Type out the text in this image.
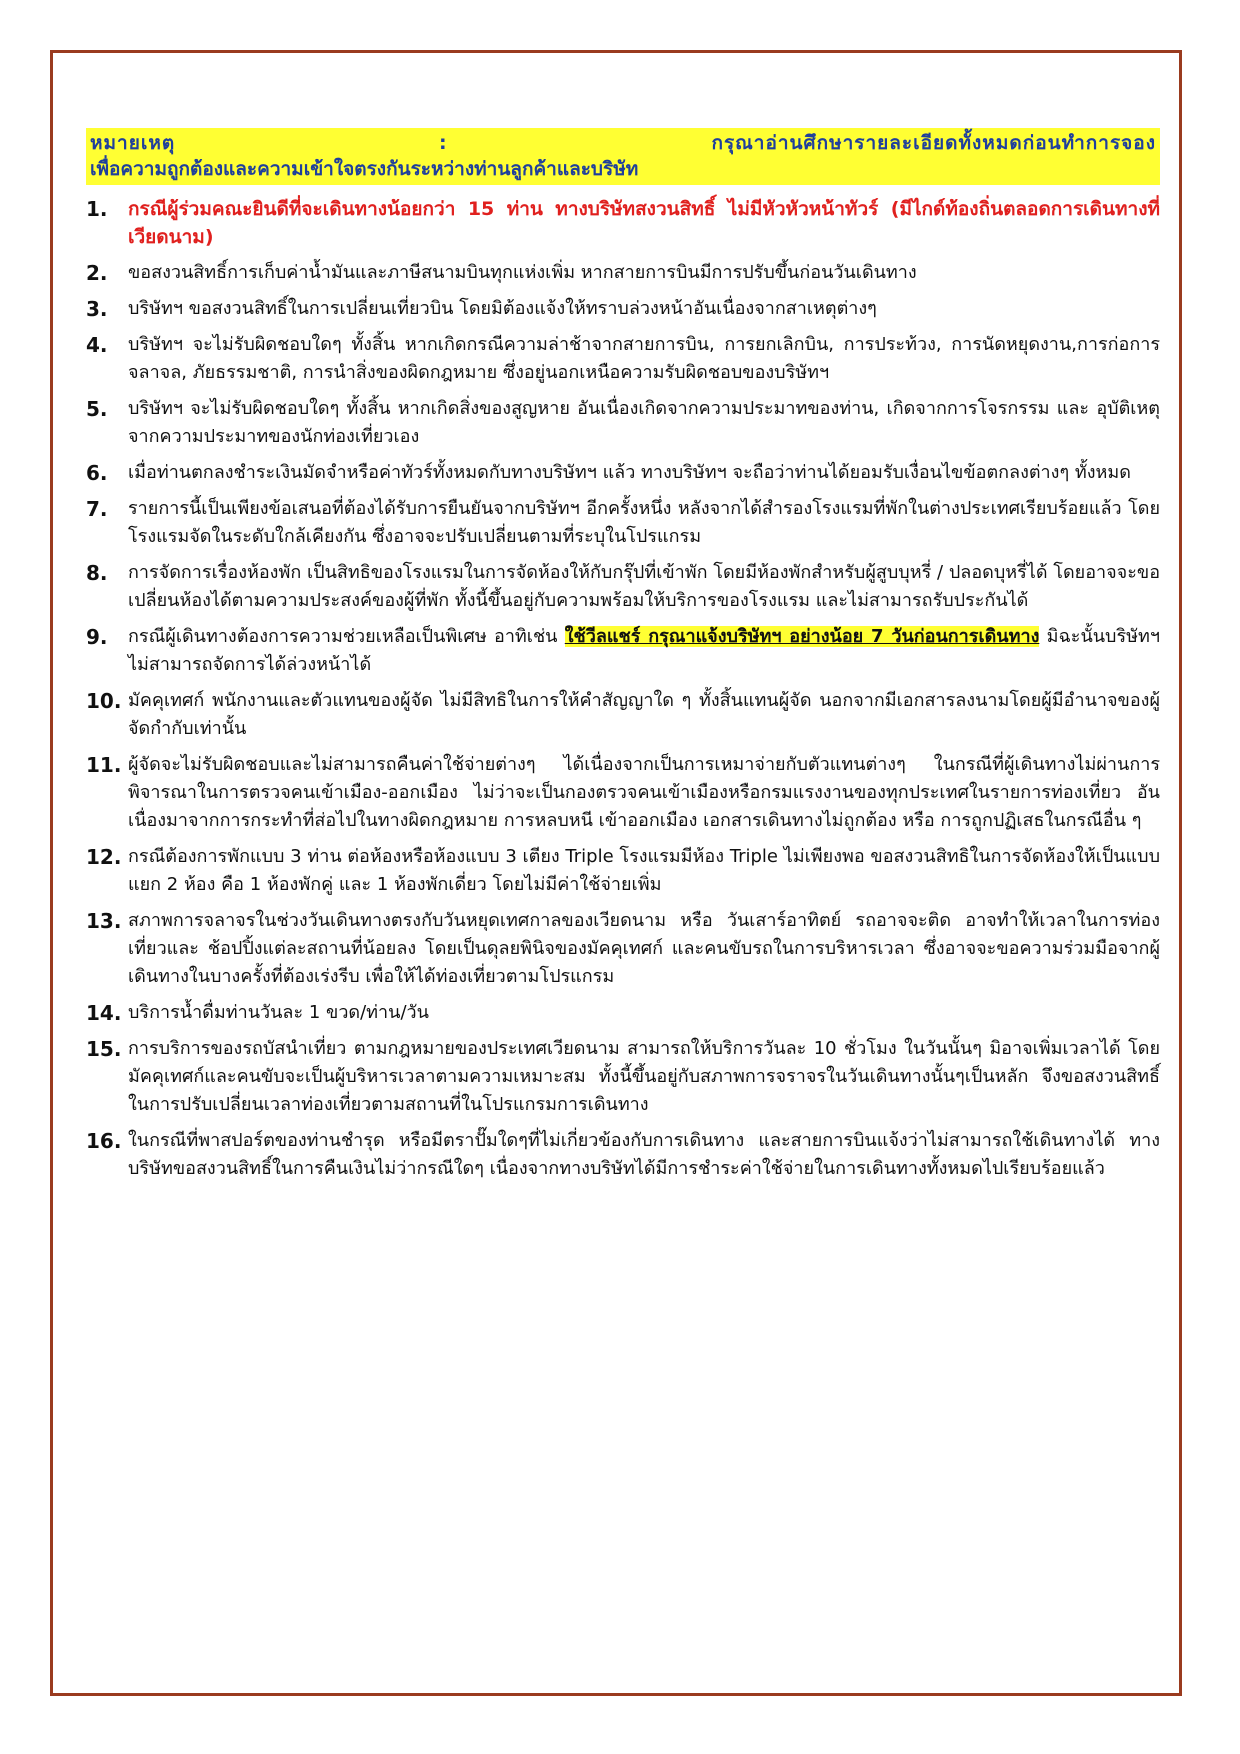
หมายเหตุ : กรุณาอ่านศึกษารายละเอียดทั้งหมดก่อนทำการจอง
เพื่อความถูกต้องและความเข้าใจตรงกันระหว่างท่านลูกค้าและบริษัท
1.	กรณีผู้ร่วมคณะยินดีที่จะเดินทางน้อยกว่า 15 ท่าน ทางบริษัทสงวนสิทธิ์ ไม่มีหัวหัวหน้าทัวร์ (มีไกด์ท้องถิ่นตลอดการเดินทางที่เวียดนาม)
2.	ขอสงวนสิทธิ์การเก็บค่าน้ำมันและภาษีสนามบินทุกแห่งเพิ่ม หากสายการบินมีการปรับขึ้นก่อนวันเดินทาง
3.	บริษัทฯ ขอสงวนสิทธิ์ในการเปลี่ยนเที่ยวบิน โดยมิต้องแจ้งให้ทราบล่วงหน้าอันเนื่องจากสาเหตุต่างๆ
4.	บริษัทฯ จะไม่รับผิดชอบใดๆ ทั้งสิ้น หากเกิดกรณีความล่าช้าจากสายการบิน, การยกเลิกบิน, การประท้วง, การนัดหยุดงาน,การก่อการจลาจล, ภัยธรรมชาติ, การนำสิ่งของผิดกฎหมาย ซึ่งอยู่นอกเหนือความรับผิดชอบของบริษัทฯ
5.	บริษัทฯ จะไม่รับผิดชอบใดๆ ทั้งสิ้น หากเกิดสิ่งของสูญหาย อันเนื่องเกิดจากความประมาทของท่าน, เกิดจากการโจรกรรม และ อุบัติเหตุจากความประมาทของนักท่องเที่ยวเอง
6.	เมื่อท่านตกลงชำระเงินมัดจำหรือค่าทัวร์ทั้งหมดกับทางบริษัทฯ แล้ว ทางบริษัทฯ จะถือว่าท่านได้ยอมรับเงื่อนไขข้อตกลงต่างๆ ทั้งหมด
7.	รายการนี้เป็นเพียงข้อเสนอที่ต้องได้รับการยืนยันจากบริษัทฯ อีกครั้งหนึ่ง หลังจากได้สำรองโรงแรมที่พักในต่างประเทศเรียบร้อยแล้ว โดยโรงแรมจัดในระดับใกล้เคียงกัน ซึ่งอาจจะปรับเปลี่ยนตามที่ระบุในโปรแกรม
8.	การจัดการเรื่องห้องพัก เป็นสิทธิของโรงแรมในการจัดห้องให้กับกรุ๊ปที่เข้าพัก โดยมีห้องพักสำหรับผู้สูบบุหรี่ / ปลอดบุหรี่ได้ โดยอาจจะขอเปลี่ยนห้องได้ตามความประสงค์ของผู้ที่พัก ทั้งนี้ขึ้นอยู่กับความพร้อมให้บริการของโรงแรม และไม่สามารถรับประกันได้
9.	กรณีผู้เดินทางต้องการความช่วยเหลือเป็นพิเศษ อาทิเช่น ใช้วีลแชร์ กรุณาแจ้งบริษัทฯ อย่างน้อย 7 วันก่อนการเดินทาง มิฉะนั้นบริษัทฯไม่สามารถจัดการได้ล่วงหน้าได้
10. มัคคุเทศก์ พนักงานและตัวแทนของผู้จัด ไม่มีสิทธิในการให้คำสัญญาใด ๆ ทั้งสิ้นแทนผู้จัด นอกจากมีเอกสารลงนามโดยผู้มีอำนาจของผู้จัดกำกับเท่านั้น
11. ผู้จัดจะไม่รับผิดชอบและไม่สามารถคืนค่าใช้จ่ายต่างๆ ได้เนื่องจากเป็นการเหมาจ่ายกับตัวแทนต่างๆ ในกรณีที่ผู้เดินทางไม่ผ่านการพิจารณาในการตรวจคนเข้าเมือง-ออกเมือง ไม่ว่าจะเป็นกองตรวจคนเข้าเมืองหรือกรมแรงงานของทุกประเทศในรายการท่องเที่ยว อันเนื่องมาจากการกระทำที่ส่อไปในทางผิดกฎหมาย การหลบหนี เข้าออกเมือง เอกสารเดินทางไม่ถูกต้อง หรือ การถูกปฏิเสธในกรณีอื่น ๆ
12. กรณีต้องการพักแบบ 3 ท่าน ต่อห้องหรือห้องแบบ 3 เตียง Triple โรงแรมมีห้อง Triple ไม่เพียงพอ ขอสงวนสิทธิในการจัดห้องให้เป็นแบบ แยก 2 ห้อง คือ 1 ห้องพักคู่ และ 1 ห้องพักเดี่ยว โดยไม่มีค่าใช้จ่ายเพิ่ม
13. สภาพการจลาจรในช่วงวันเดินทางตรงกับวันหยุดเทศกาลของเวียดนาม หรือ วันเสาร์อาทิตย์ รถอาจจะติด อาจทำให้เวลาในการท่องเที่ยวและ ช้อปปิ้งแต่ละสถานที่น้อยลง โดยเป็นดุลยพินิจของมัคคุเทศก์ และคนขับรถในการบริหารเวลา ซึ่งอาจจะขอความร่วมมือจากผู้เดินทางในบางครั้งที่ต้องเร่งรีบ เพื่อให้ได้ท่องเที่ยวตามโปรแกรม
14. บริการน้ำดื่มท่านวันละ 1 ขวด/ท่าน/วัน
15. การบริการของรถบัสนำเที่ยว ตามกฎหมายของประเทศเวียดนาม สามารถให้บริการวันละ 10 ชั่วโมง ในวันนั้นๆ มิอาจเพิ่มเวลาได้ โดยมัคคุเทศก์และคนขับจะเป็นผู้บริหารเวลาตามความเหมาะสม ทั้งนี้ขึ้นอยู่กับสภาพการจราจรในวันเดินทางนั้นๆเป็นหลัก จึงขอสงวนสิทธิ์ในการปรับเปลี่ยนเวลาท่องเที่ยวตามสถานที่ในโปรแกรมการเดินทาง
16. ในกรณีที่พาสปอร์ตของท่านชำรุด หรือมีตราปั๊มใดๆที่ไม่เกี่ยวข้องกับการเดินทาง และสายการบินแจ้งว่าไม่สามารถใช้เดินทางได้ ทางบริษัทขอสงวนสิทธิ์ในการคืนเงินไม่ว่ากรณีใดๆ เนื่องจากทางบริษัทได้มีการชำระค่าใช้จ่ายในการเดินทางทั้งหมดไปเรียบร้อยแล้ว
